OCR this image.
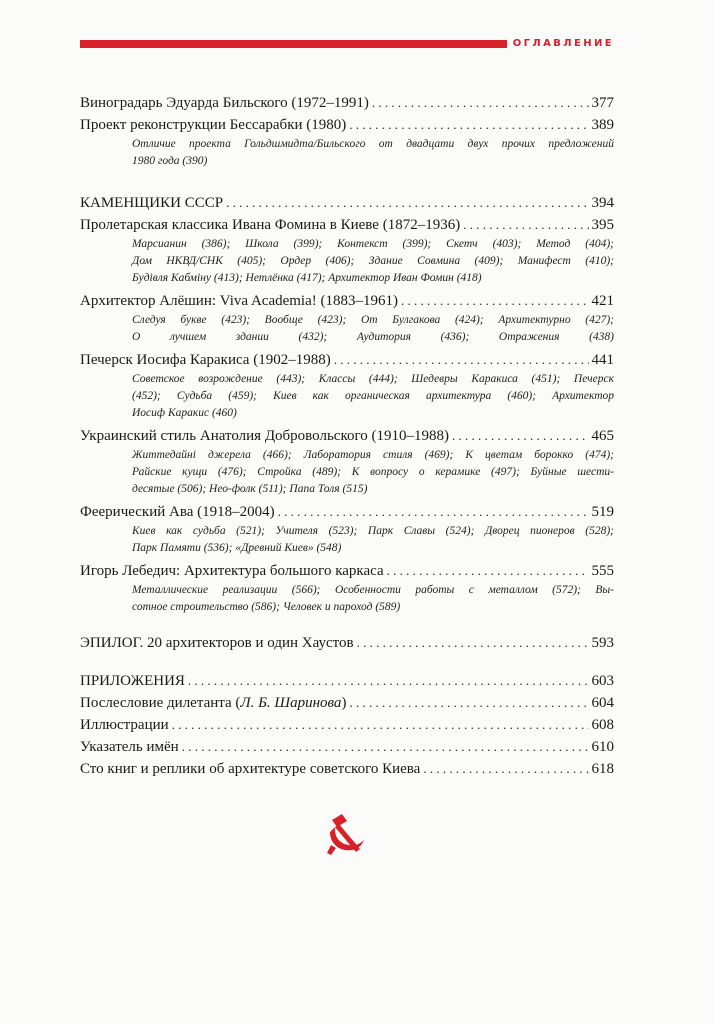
ОГЛАВЛЕНИЕ
Виноградарь Эдуарда Бильского (1972–1991) . . .	377
Проект реконструкции Бессарабки (1980) . . .	389
Отличие проекта Гольдшмидта/Бильского от двадцати двух прочих предложений
1980 года (390)
КАМЕНЩИКИ СССР . . .	394
Пролетарская классика Ивана Фомина в Киеве (1872–1936) . . .	395
Марсианин (386); Школа (399); Контекст (399); Скетч (403); Метод (404);
Дом НКВД/СНК (405); Ордер (406); Здание Совмина (409); Манифест (410);
Будівля Кабміну (413); Нетлёнка (417); Архитектор Иван Фомин (418)
Архитектор Алёшин: Viva Academia! (1883–1961) . . .	421
Следуя букве (423); Вообще (423); От Булгакова (424); Архитектурно (427);
О лучшем здании (432); Аудитория (436); Отражения (438)
Печерск Иосифа Каракиса (1902–1988) . . .	441
Советское возрождение (443); Классы (444); Шедевры Каракиса (451); Печерск
(452); Судьба (459); Киев как органическая архитектура (460); Архитектор
Иосиф Каракис (460)
Украинский стиль Анатолия Добровольского (1910–1988) . . .	465
Життедайні джерела (466); Лаборатория стиля (469); К цветам борокко (474);
Райские кущи (476); Стройка (489); К вопросу о керамике (497); Буйные шести-
десятые (506); Нео-фолк (511); Папа Толя (515)
Феерический Ава (1918–2004) . . .	519
Киев как судьба (521); Учителя (523); Парк Славы (524); Дворец пионеров (528);
Парк Памяти (536); «Древний Киев» (548)
Игорь Лебедич: Архитектура большого каркаса . . .	555
Металлические реализации (566); Особенности работы с металлом (572); Вы-
сотное строительство (586); Человек и пароход (589)
ЭПИЛОГ. 20 архитекторов и один Хаустов . . .	593
ПРИЛОЖЕНИЯ . . .	603
Послесловие дилетанта (Л. Б. Шаринова) . . .	604
Иллюстрации . . .	608
Указатель имён . . .	610
Сто книг и реплики об архитектуре советского Киева . . .	618
